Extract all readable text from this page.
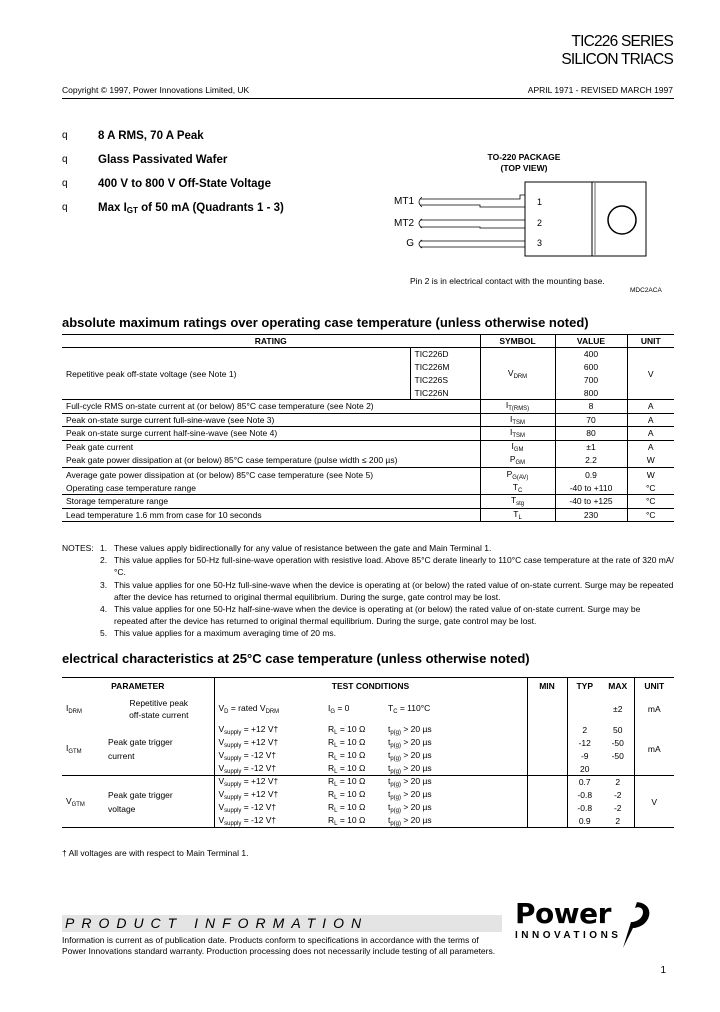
TIC226 SERIES
SILICON TRIACS
Copyright © 1997, Power Innovations Limited, UK	APRIL 1971 - REVISED MARCH 1997
q	8 A RMS, 70 A Peak
q	Glass Passivated Wafer
q	400 V to 800 V Off-State Voltage
q	Max $I_{GT}$ of 50 mA (Quadrants 1 - 3)
TO-220 PACKAGE
(TOP VIEW)
MT1
MT2
G
1
2
3
Pin 2 is in electrical contact with the mounting base.
MDC2ACA
absolute maximum ratings over operating case temperature (unless otherwise noted)
RATING		SYMBOL	VALUE	UNIT
Repetitive peak off-state voltage (see Note 1)	TIC226D	$V_{DRM}$	400	V
	TIC226M		600	
	TIC226S		700	
	TIC226N		800	
Full-cycle RMS on-state current at (or below) 85°C case temperature (see Note 2)		$I_{T(RMS)}$	8	A
Peak on-state surge current full-sine-wave (see Note 3)		$I_{TSM}$	70	A
Peak on-state surge current half-sine-wave (see Note 4)		$I_{TSM}$	80	A
Peak gate current		$I_{GM}$	±1	A
Peak gate power dissipation at (or below) 85°C case temperature (pulse width ≤ 200 µs)		$P_{GM}$	2.2	W
Average gate power dissipation at (or below) 85°C case temperature (see Note 5)		$P_{G(AV)}$	0.9	W
Operating case temperature range		$T_C$	-40 to +110	°C
Storage temperature range		$T_{stg}$	-40 to +125	°C
Lead temperature 1.6 mm from case for 10 seconds		$T_L$	230	°C
NOTES: 1. These values apply bidirectionally for any value of resistance between the gate and Main Terminal 1.
2. This value applies for 50-Hz full-sine-wave operation with resistive load. Above 85°C derate linearly to 110°C case temperature at the rate of 320 mA/°C.
3. This value applies for one 50-Hz full-sine-wave when the device is operating at (or below) the rated value of on-state current. Surge may be repeated after the device has returned to original thermal equilibrium. During the surge, gate control may be lost.
4. This value applies for one 50-Hz half-sine-wave when the device is operating at (or below) the rated value of on-state current. Surge may be repeated after the device has returned to original thermal equilibrium. During the surge, gate control may be lost.
5. This value applies for a maximum averaging time of 20 ms.
electrical characteristics at 25°C case temperature (unless otherwise noted)
PARAMETER		TEST CONDITIONS			MIN	TYP	MAX	UNIT
$I_{DRM}$	Repetitive peak
off-state current	$V_D$ = rated $V_{DRM}$	$I_G = 0$	$T_C = 110^\circ C$			±2	mA
$I_{GTM}$	Peak gate trigger
current	$V_{supply} = +12$ V†	$R_L = 10$ Ω	$t_{p(g)} > 20$ µs		2	50	mA
		$V_{supply} = +12$ V†	$R_L = 10$ Ω	$t_{p(g)} > 20$ µs		-12	-50	
		$V_{supply} = -12$ V†	$R_L = 10$ Ω	$t_{p(g)} > 20$ µs		-9	-50	
		$V_{supply} = -12$ V†	$R_L = 10$ Ω	$t_{p(g)} > 20$ µs		20		
$V_{GTM}$	Peak gate trigger
voltage	$V_{supply} = +12$ V†	$R_L = 10$ Ω	$t_{p(g)} > 20$ µs		0.7	2	V
		$V_{supply} = +12$ V†	$R_L = 10$ Ω	$t_{p(g)} > 20$ µs		-0.8	-2	
		$V_{supply} = -12$ V†	$R_L = 10$ Ω	$t_{p(g)} > 20$ µs		-0.8	-2	
		$V_{supply} = -12$ V†	$R_L = 10$ Ω	$t_{p(g)} > 20$ µs		0.9	2	
† All voltages are with respect to Main Terminal 1.
PRODUCT INFORMATION
Information is current as of publication date. Products conform to specifications in accordance with the terms of Power Innovations standard warranty. Production processing does not necessarily include testing of all parameters.
Power
INNOVATIONS
1
